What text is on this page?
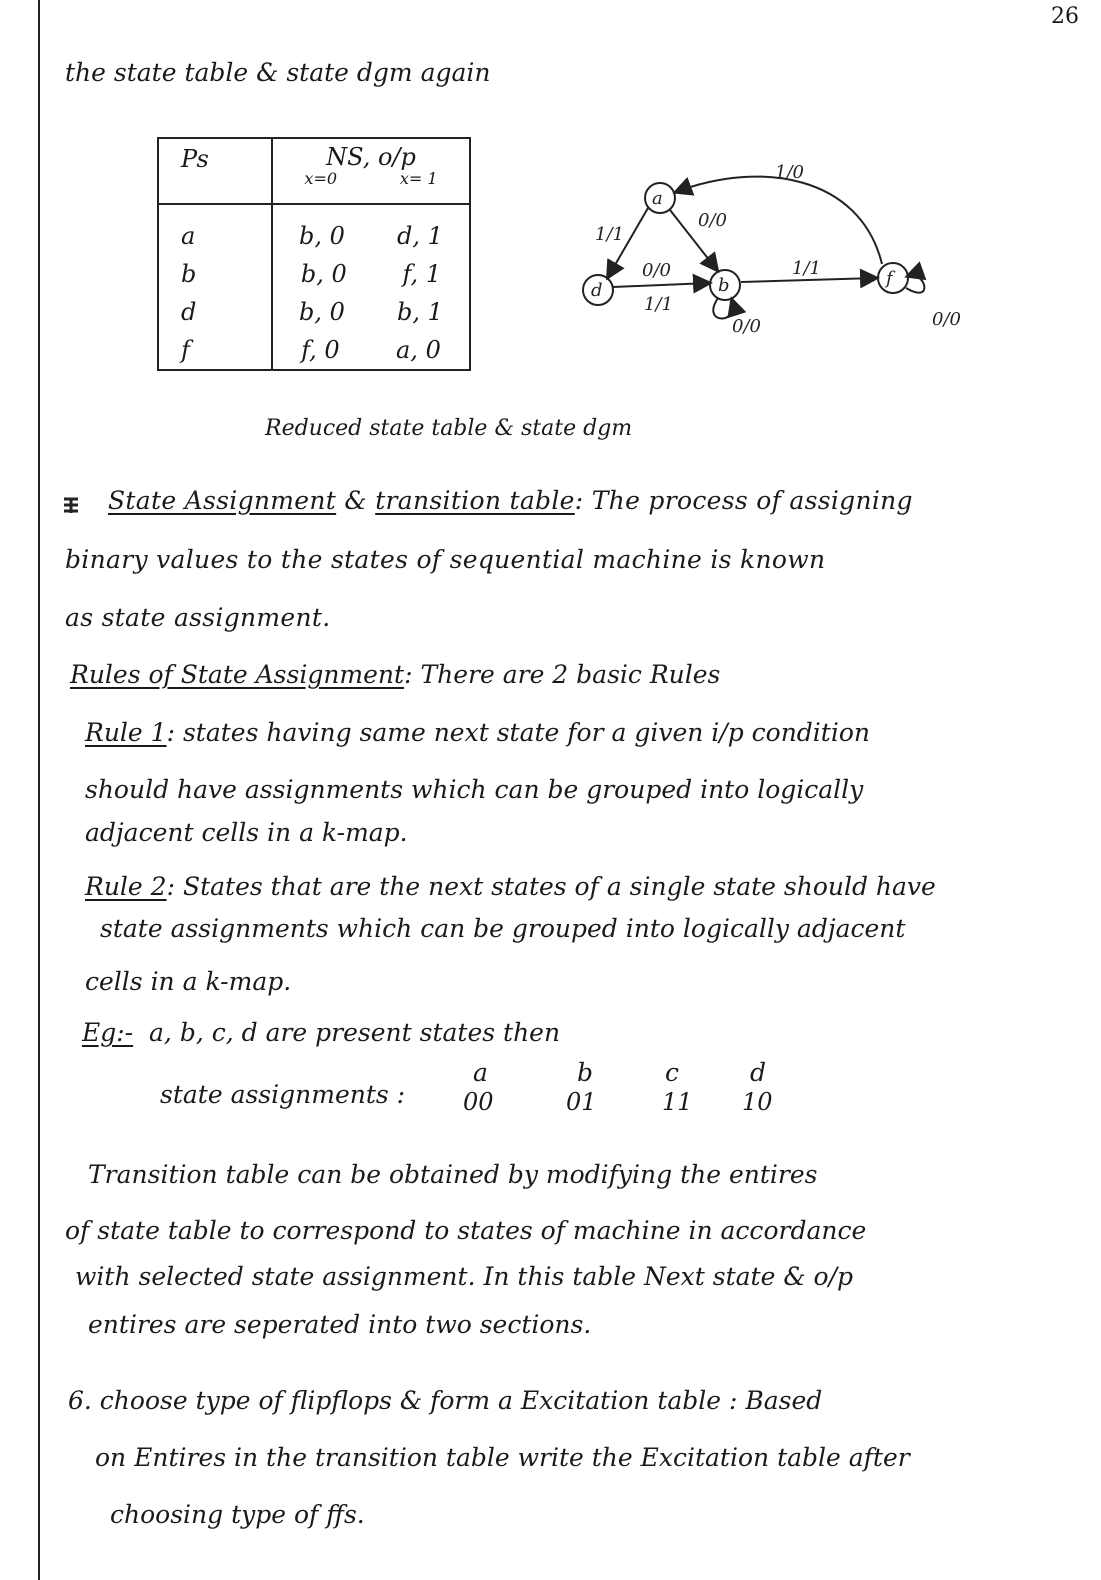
26
the state table & state dgm again
Ps	NS, o/p
x=0 x= 1

a	b, 0 d, 1

b	b, 0 f, 1

d	b, 0 b, 1

f	f, 0 a, 0
a
d	b	f
1/1
0/0
1/0
0/0
1/1
1/1
0/0	0/0
Reduced state table & state dgm
State Assignment & transition table: The process of assigning
binary values to the states of sequential machine is known
as state assignment.
Rules of State Assignment: There are 2 basic Rules
Rule 1: states having same next state for a given i/p condition
should have assignments which can be grouped into logically
adjacent cells in a k-map.
Rule 2: States that are the next states of a single state should have
state assignments which can be grouped into logically adjacent
cells in a k-map.
Eg:- a, b, c, d are present states then
state assignments :
a	b	c	d
00	01	11 10
Transition table can be obtained by modifying the entires
of state table to correspond to states of machine in accordance
with selected state assignment. In this table Next state & o/p
entires are seperated into two sections.
6. choose type of flipflops & form a Excitation table : Based
on Entires in the transition table write the Excitation table after
choosing type of ffs.
